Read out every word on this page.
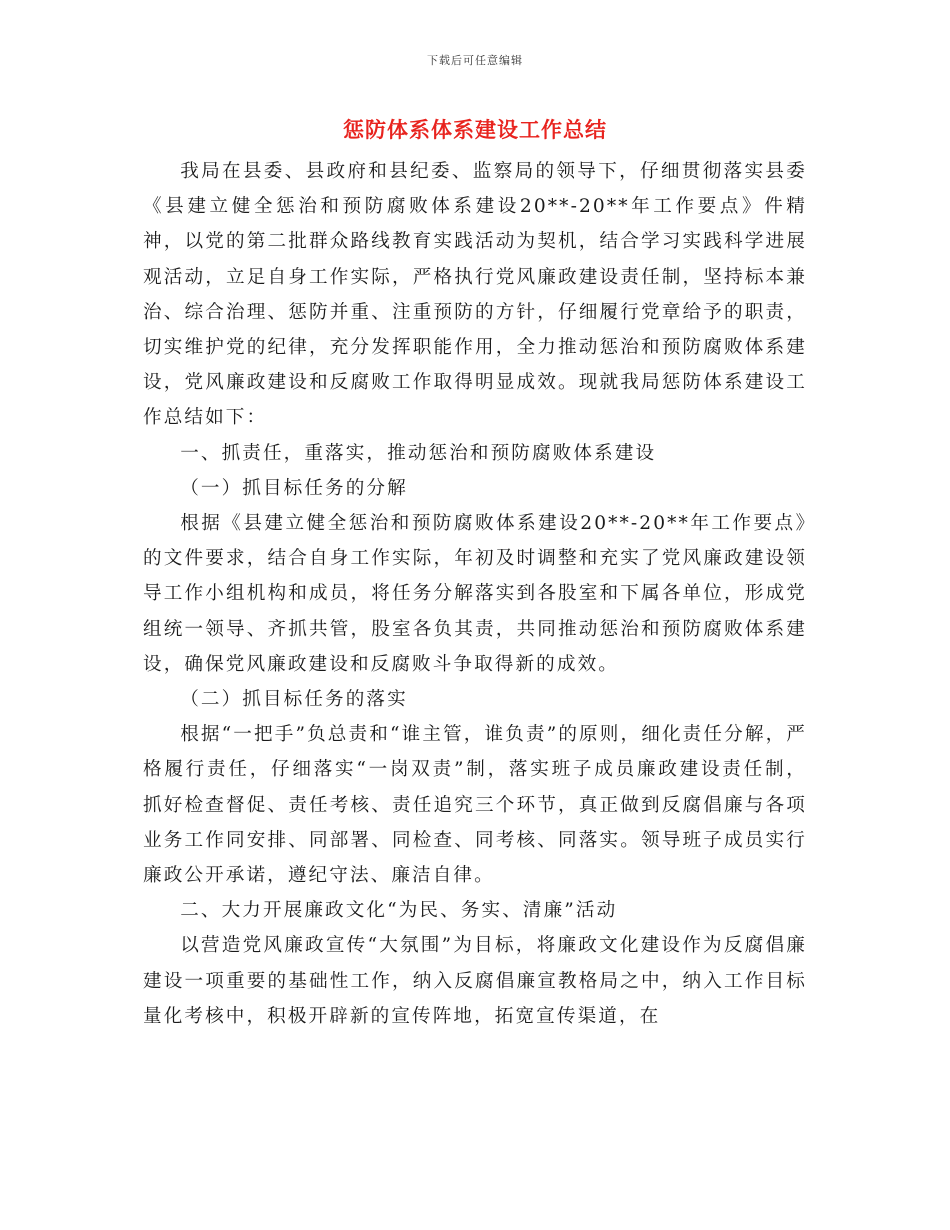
下载后可任意编辑
惩防体系体系建设工作总结

我局在县委、县政府和县纪委、监察局的领导下，仔细贯彻落实县委《县建立健全惩治和预防腐败体系建设20**-20**年工作要点》件精神，以党的第二批群众路线教育实践活动为契机，结合学习实践科学进展观活动，立足自身工作实际，严格执行党风廉政建设责任制，坚持标本兼治、综合治理、惩防并重、注重预防的方针，仔细履行党章给予的职责，切实维护党的纪律，充分发挥职能作用，全力推动惩治和预防腐败体系建设，党风廉政建设和反腐败工作取得明显成效。现就我局惩防体系建设工作总结如下：

一、抓责任，重落实，推动惩治和预防腐败体系建设

（一）抓目标任务的分解

根据《县建立健全惩治和预防腐败体系建设20**-20**年工作要点》的文件要求，结合自身工作实际，年初及时调整和充实了党风廉政建设领导工作小组机构和成员，将任务分解落实到各股室和下属各单位，形成党组统一领导、齐抓共管，股室各负其责，共同推动惩治和预防腐败体系建设，确保党风廉政建设和反腐败斗争取得新的成效。

（二）抓目标任务的落实

根据“一把手”负总责和“谁主管，谁负责”的原则，细化责任分解，严格履行责任，仔细落实“一岗双责”制，落实班子成员廉政建设责任制，抓好检查督促、责任考核、责任追究三个环节，真正做到反腐倡廉与各项业务工作同安排、同部署、同检查、同考核、同落实。领导班子成员实行廉政公开承诺，遵纪守法、廉洁自律。

二、大力开展廉政文化“为民、务实、清廉”活动

以营造党风廉政宣传“大氛围”为目标，将廉政文化建设作为反腐倡廉建设一项重要的基础性工作，纳入反腐倡廉宣教格局之中，纳入工作目标量化考核中，积极开辟新的宣传阵地，拓宽宣传渠道，在
